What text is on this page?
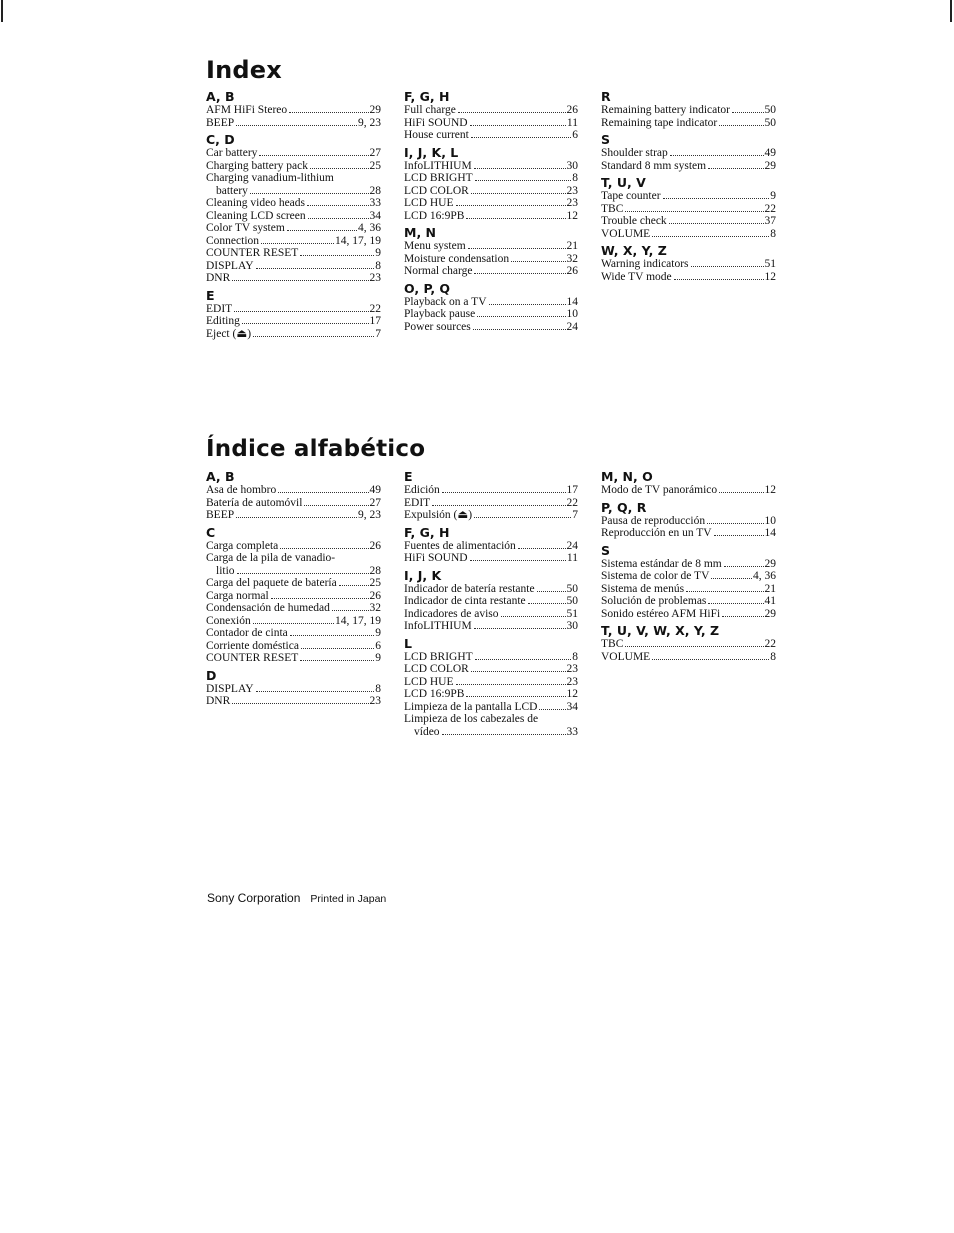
Index
A, B
AFM HiFi Stereo	29
BEEP	9, 23
C, D
Car battery	27
Charging battery pack	25
Charging vanadium-lithium
battery	28
Cleaning video heads	33
Cleaning LCD screen	34
Color TV system	4, 36
Connection	14, 17, 19
COUNTER RESET	9
DISPLAY	8
DNR	23
E
EDIT	22
Editing	17
Eject (⏏)	7
F, G, H
Full charge	26
HiFi SOUND	11
House current	6
I, J, K, L
InfoLITHIUM	30
LCD BRIGHT	8
LCD COLOR	23
LCD HUE	23
LCD 16:9PB	12
M, N
Menu system	21
Moisture condensation	32
Normal charge	26
O, P, Q
Playback on a TV	14
Playback pause	10
Power sources	24
R
Remaining battery indicator	50
Remaining tape indicator	50
S
Shoulder strap	49
Standard 8 mm system	29
T, U, V
Tape counter	9
TBC	22
Trouble check	37
VOLUME	8
W, X, Y, Z
Warning indicators	51
Wide TV mode	12
Índice alfabético
A, B
Asa de hombro	49
Batería de automóvil	27
BEEP	9, 23
C
Carga completa	26
Carga de la pila de vanadio-
litio	28
Carga del paquete de batería	25
Carga normal	26
Condensación de humedad	32
Conexión	14, 17, 19
Contador de cinta	9
Corriente doméstica	6
COUNTER RESET	9
D
DISPLAY	8
DNR	23
E
Edición	17
EDIT	22
Expulsión (⏏)	7
F, G, H
Fuentes de alimentación	24
HiFi SOUND	11
I, J, K
Indicador de batería restante	50
Indicador de cinta restante	50
Indicadores de aviso	51
InfoLITHIUM	30
L
LCD BRIGHT	8
LCD COLOR	23
LCD HUE	23
LCD 16:9PB	12
Limpieza de la pantalla LCD	34
Limpieza de los cabezales de
vídeo	33
M, N, O
Modo de TV panorámico	12
P, Q, R
Pausa de reproducción	10
Reproducción en un TV	14
S
Sistema estándar de 8 mm	29
Sistema de color de TV	4, 36
Sistema de menús	21
Solución de problemas	41
Sonido estéreo AFM HiFi	29
T, U, V, W, X, Y, Z
TBC	22
VOLUME	8
Sony Corporation Printed in Japan
